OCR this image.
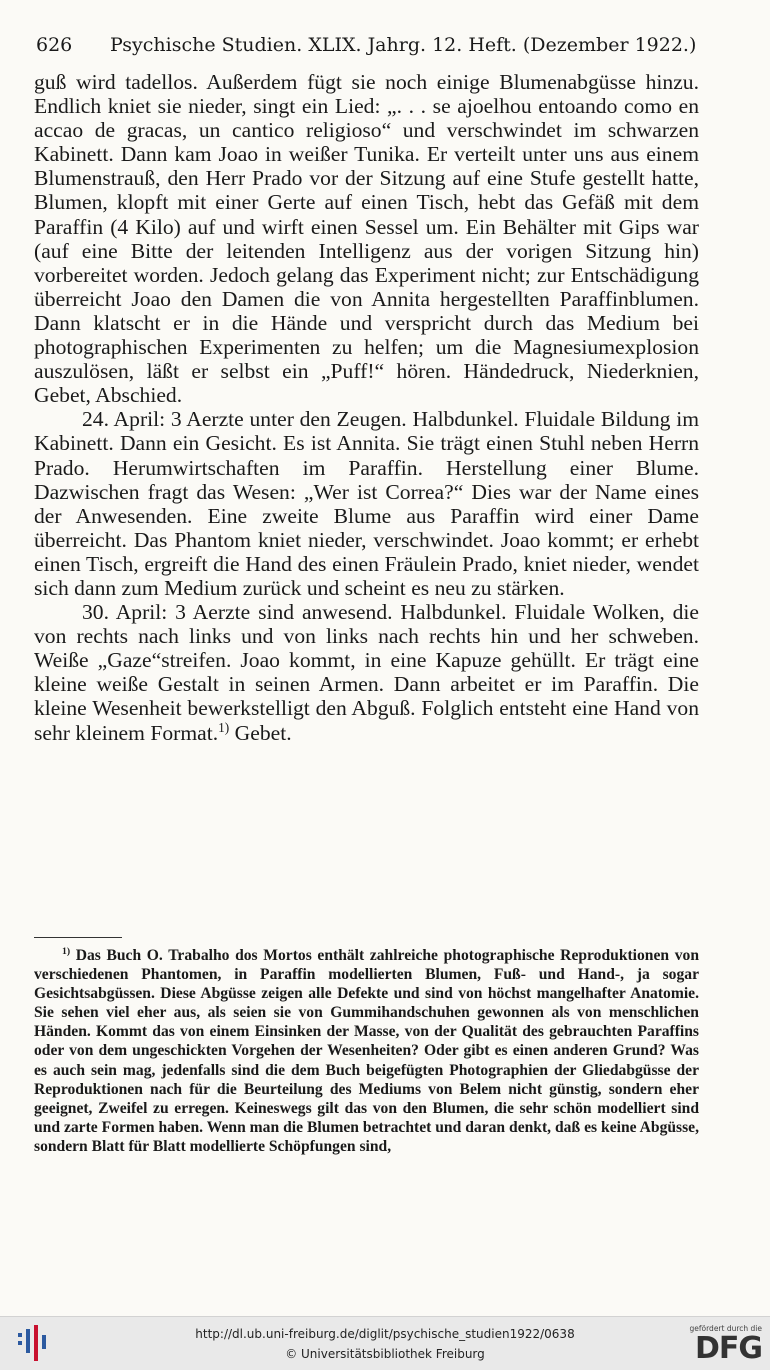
626 Psychische Studien. XLIX. Jahrg. 12. Heft. (Dezember 1922.)

guß wird tadellos. Außerdem fügt sie noch einige Blumenabgüsse hinzu. Endlich kniet sie nieder, singt ein Lied: „. . . se ajoelhou entoando como en accao de gracas, un cantico religioso“ und verschwindet im schwarzen Kabinett. Dann kam Joao in weißer Tunika. Er verteilt unter uns aus einem Blumenstrauß, den Herr Prado vor der Sitzung auf eine Stufe gestellt hatte, Blumen, klopft mit einer Gerte auf einen Tisch, hebt das Gefäß mit dem Paraffin (4 Kilo) auf und wirft einen Sessel um. Ein Behälter mit Gips war (auf eine Bitte der leitenden Intelligenz aus der vorigen Sitzung hin) vorbereitet worden. Jedoch gelang das Experiment nicht; zur Entschädigung überreicht Joao den Damen die von Annita hergestellten Paraffinblumen. Dann klatscht er in die Hände und verspricht durch das Medium bei photographischen Experimenten zu helfen; um die Magnesiumexplosion auszulösen, läßt er selbst ein „Puff!“ hören. Händedruck, Niederknien, Gebet, Abschied.

24. April: 3 Aerzte unter den Zeugen. Halbdunkel. Fluidale Bildung im Kabinett. Dann ein Gesicht. Es ist Annita. Sie trägt einen Stuhl neben Herrn Prado. Herumwirtschaften im Paraffin. Herstellung einer Blume. Dazwischen fragt das Wesen: „Wer ist Correa?“ Dies war der Name eines der Anwesenden. Eine zweite Blume aus Paraffin wird einer Dame überreicht. Das Phantom kniet nieder, verschwindet. Joao kommt; er erhebt einen Tisch, ergreift die Hand des einen Fräulein Prado, kniet nieder, wendet sich dann zum Medium zurück und scheint es neu zu stärken.

30. April: 3 Aerzte sind anwesend. Halbdunkel. Fluidale Wolken, die von rechts nach links und von links nach rechts hin und her schweben. Weiße „Gaze“streifen. Joao kommt, in eine Kapuze gehüllt. Er trägt eine kleine weiße Gestalt in seinen Armen. Dann arbeitet er im Paraffin. Die kleine Wesenheit bewerkstelligt den Abguß. Folglich entsteht eine Hand von sehr kleinem Format.$^{1)}$ Gebet.

$^{1)}$ Das Buch O. Trabalho dos Mortos enthält zahlreiche photographische Reproduktionen von verschiedenen Phantomen, in Paraffin modellierten Blumen, Fuß- und Hand-, ja sogar Gesichtsabgüssen. Diese Abgüsse zeigen alle Defekte und sind von höchst mangelhafter Anatomie. Sie sehen viel eher aus, als seien sie von Gummihandschuhen gewonnen als von menschlichen Händen. Kommt das von einem Einsinken der Masse, von der Qualität des gebrauchten Paraffins oder von dem ungeschickten Vorgehen der Wesenheiten? Oder gibt es einen anderen Grund? Was es auch sein mag, jedenfalls sind die dem Buch beigefügten Photographien der Gliedabgüsse der Reproduktionen nach für die Beurteilung des Mediums von Belem nicht günstig, sondern eher geeignet, Zweifel zu erregen. Keineswegs gilt das von den Blumen, die sehr schön modelliert sind und zarte Formen haben. Wenn man die Blumen betrachtet und daran denkt, daß es keine Abgüsse, sondern Blatt für Blatt modellierte Schöpfungen sind,

http://dl.ub.uni-freiburg.de/diglit/psychische_studien1922/0638
© Universitätsbibliothek Freiburg
gefördert durch die
DFG
